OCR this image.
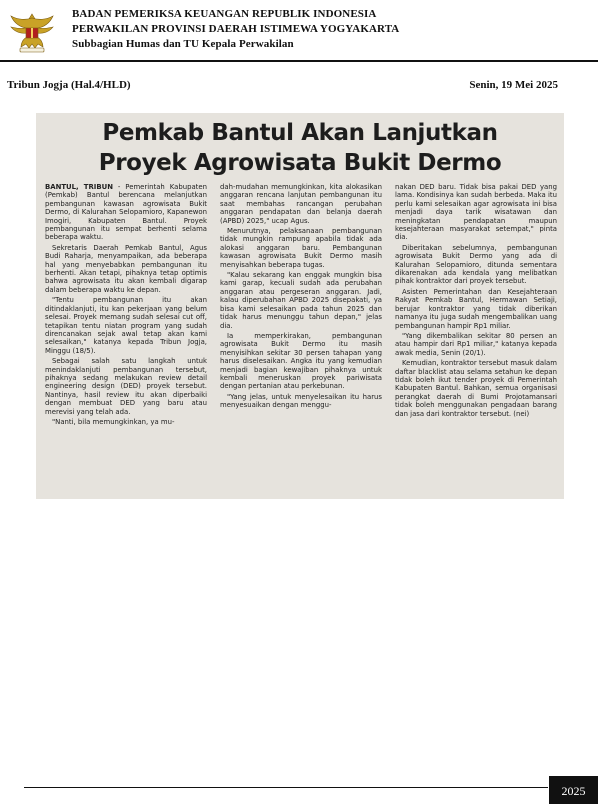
BADAN PEMERIKSA KEUANGAN REPUBLIK INDONESIA
PERWAKILAN PROVINSI DAERAH ISTIMEWA YOGYAKARTA
Subbagian Humas dan TU Kepala Perwakilan
Tribun Jogja (Hal.4/HLD)	Senin, 19 Mei 2025
Pemkab Bantul Akan Lanjutkan
Proyek Agrowisata Bukit Dermo

BANTUL, TRIBUN - Pemerintah Kabupaten (Pemkab) Bantul berencana melanjutkan pembangunan kawasan agrowisata Bukit Dermo, di Kalurahan Selopamioro, Kapanewon Imogiri, Kabupaten Bantul. Proyek pembangunan itu sempat berhenti selama beberapa waktu.

Sekretaris Daerah Pemkab Bantul, Agus Budi Raharja, menyampaikan, ada beberapa hal yang menyebabkan pembangunan itu berhenti. Akan tetapi, pihaknya tetap optimis bahwa agrowisata itu akan kembali digarap dalam beberapa waktu ke depan.

"Tentu pembangunan itu akan ditindaklanjuti, itu kan pekerjaan yang belum selesai. Proyek memang sudah selesai cut off, tetapikan tentu niatan program yang sudah direncanakan sejak awal tetap akan kami selesaikan," katanya kepada Tribun Jogja, Minggu (18/5).

Sebagai salah satu langkah untuk menindaklanjuti pembangunan tersebut, pihaknya sedang melakukan review detail engineering design (DED) proyek tersebut. Nantinya, hasil review itu akan diperbaiki dengan membuat DED yang baru atau merevisi yang telah ada.

"Nanti, bila memungkinkan, ya mu-

dah-mudahan memungkinkan, kita alokasikan anggaran rencana lanjutan pembangunan itu saat membahas rancangan perubahan anggaran pendapatan dan belanja daerah (APBD) 2025," ucap Agus.

Menurutnya, pelaksanaan pembangunan tidak mungkin rampung apabila tidak ada alokasi anggaran baru. Pembangunan kawasan agrowisata Bukit Dermo masih menyisahkan beberapa tugas.

"Kalau sekarang kan enggak mungkin bisa kami garap, kecuali sudah ada perubahan anggaran atau pergeseran anggaran. Jadi, kalau diperubahan APBD 2025 disepakati, ya bisa kami selesaikan pada tahun 2025 dan tidak harus menunggu tahun depan," jelas dia.

Ia memperkirakan, pembangunan agrowisata Bukit Dermo itu masih menyisihkan sekitar 30 persen tahapan yang harus diselesaikan. Angka itu yang kemudian menjadi bagian kewajiban pihaknya untuk kembali meneruskan proyek pariwisata dengan pertanian atau perkebunan.

"Yang jelas, untuk menyelesaikan itu harus menyesuaikan dengan menggu-

nakan DED baru. Tidak bisa pakai DED yang lama. Kondisinya kan sudah berbeda. Maka itu perlu kami selesaikan agar agrowisata ini bisa menjadi daya tarik wisatawan dan meningkatan pendapatan maupun kesejahteraan masyarakat setempat," pinta dia.

Diberitakan sebelumnya, pembangunan agrowisata Bukit Dermo yang ada di Kalurahan Selopamioro, ditunda sementara dikarenakan ada kendala yang melibatkan pihak kontraktor dari proyek tersebut.

Asisten Pemerintahan dan Kesejahteraan Rakyat Pemkab Bantul, Hermawan Setiaji, berujar kontraktor yang tidak diberikan namanya itu juga sudah mengembalikan uang pembangunan hampir Rp1 miliar.

"Yang dikembalikan sekitar 80 persen an atau hampir dari Rp1 miliar," katanya kepada awak media, Senin (20/1).

Kemudian, kontraktor tersebut masuk dalam daftar blacklist atau selama setahun ke depan tidak boleh ikut tender proyek di Pemerintah Kabupaten Bantul. Bahkan, semua organisasi perangkat daerah di Bumi Projotamansari tidak boleh menggunakan pengadaan barang dan jasa dari kontraktor tersebut. (nei)

2025
